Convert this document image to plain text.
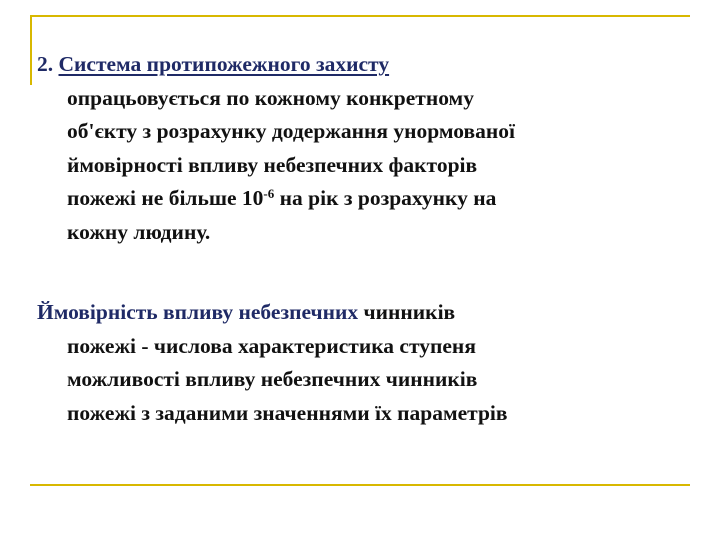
2. Система протипожежного захисту
опрацьовується по кожному конкретному
об'єкту з розрахунку додержання унормованої
ймовірності впливу небезпечних факторів
пожежі не більше $10^{-6}$ на рік з розрахунку на
кожну людину.
Ймовірність впливу небезпечних чинників
пожежі - числова характеристика ступеня
можливості впливу небезпечних чинників
пожежі з заданими значеннями їх параметрів
